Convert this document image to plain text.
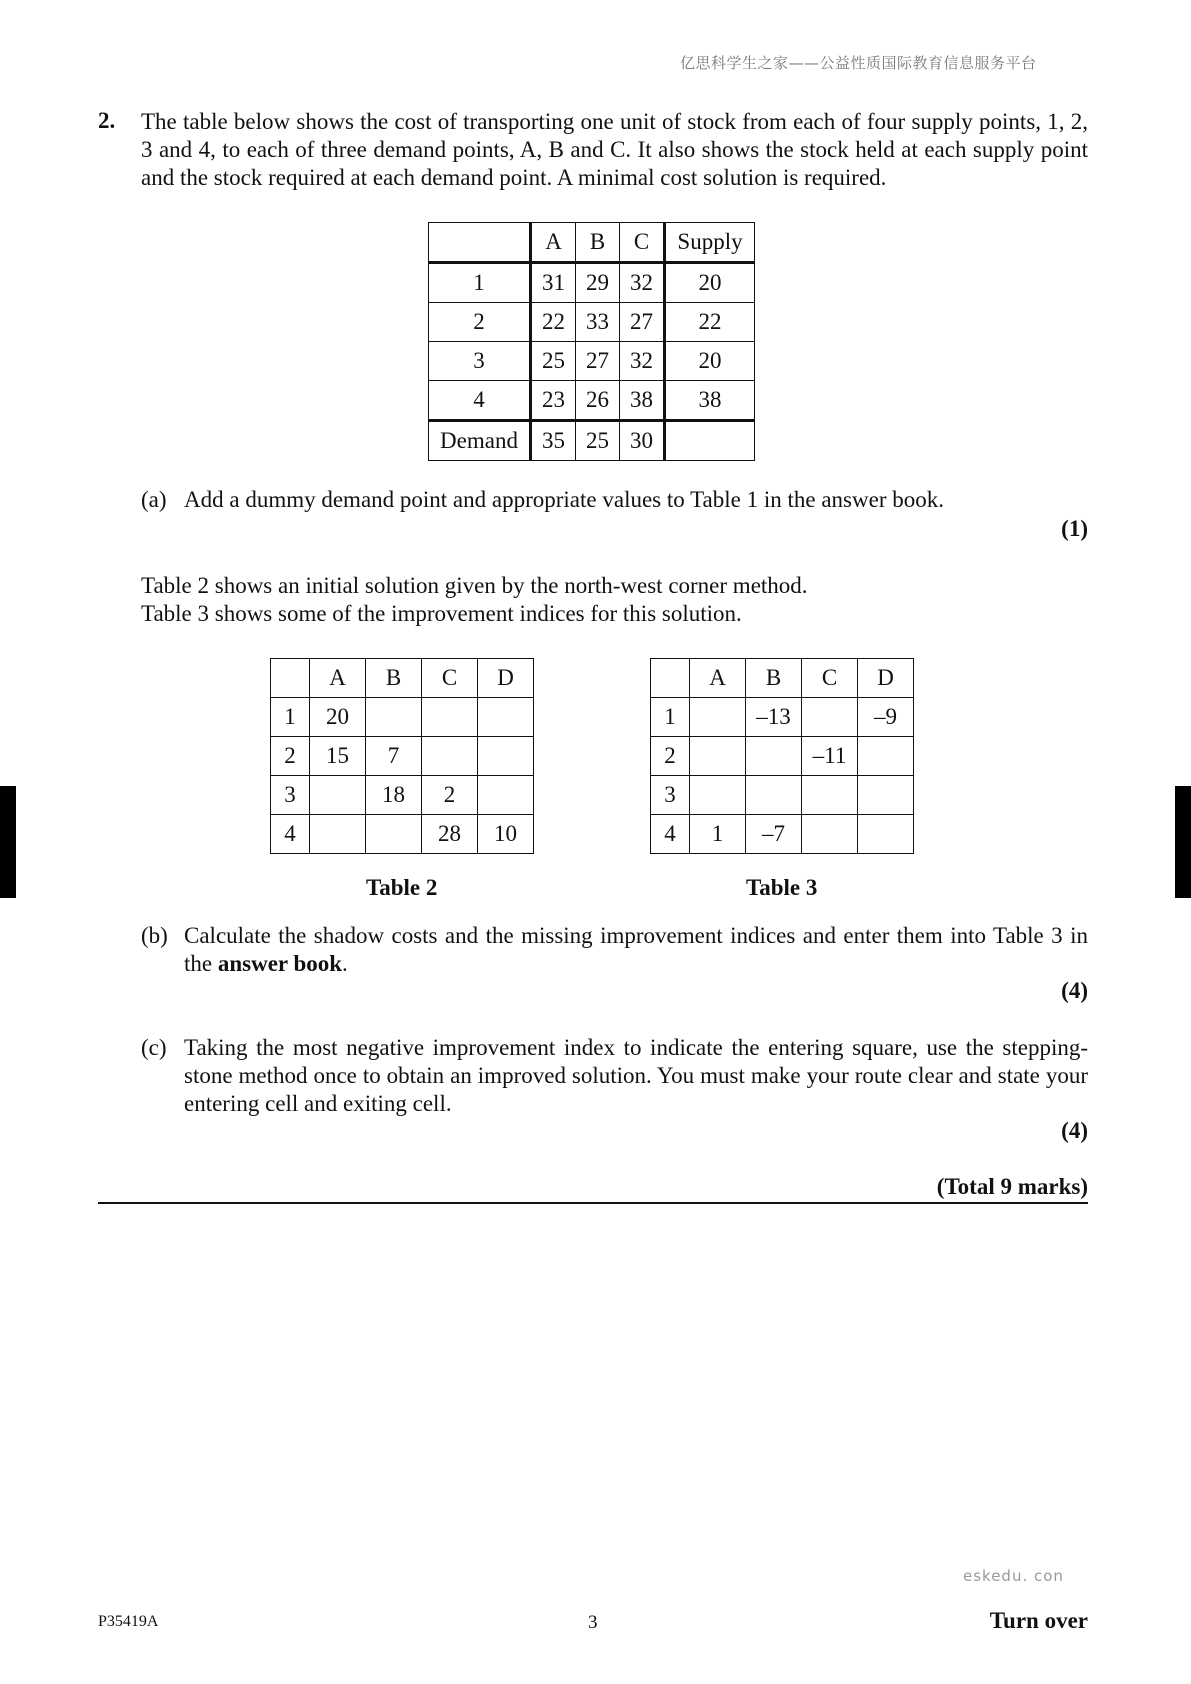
亿思科学生之家——公益性质国际教育信息服务平台
2. The table below shows the cost of transporting one unit of stock from each of four supply points, 1, 2, 3 and 4, to each of three demand points, A, B and C. It also shows the stock held at each supply point and the stock required at each demand point. A minimal cost solution is required.
	A	B	C	Supply
1	31	29	32	20
2	22	33	27	22
3	25	27	32	20
4	23	26	38	38
Demand	35	25	30	
(a) Add a dummy demand point and appropriate values to Table 1 in the answer book.
(1)
Table 2 shows an initial solution given by the north-west corner method.
Table 3 shows some of the improvement indices for this solution.
	A	B	C	D
1	20			
2	15	7		
3		18	2	
4			28	10
	A	B	C	D
1		–13		–9
2			–11	
3				
4	1	–7		
Table 2	Table 3
(b) Calculate the shadow costs and the missing improvement indices and enter them into Table 3 in the answer book.
(4)
(c) Taking the most negative improvement index to indicate the entering square, use the stepping-stone method once to obtain an improved solution. You must make your route clear and state your entering cell and exiting cell.
(4)
(Total 9 marks)
eskedu. con
P35419A	3	Turn over
